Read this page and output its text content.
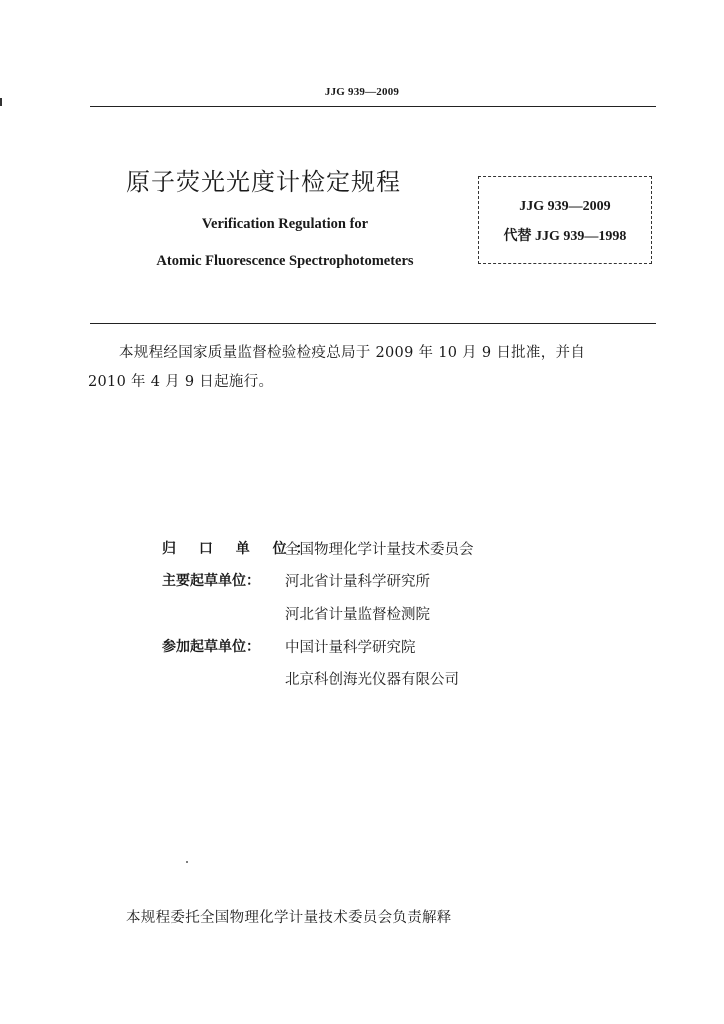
JJG 939—2009
原子荧光光度计检定规程
Verification Regulation for
Atomic Fluorescence Spectrophotometers
JJG 939—2009
代替 JJG 939—1998
本规程经国家质量监督检验检疫总局于 2009 年 10 月 9 日批准，并自
2010 年 4 月 9 日起施行。
归 口 单 位：
全国物理化学计量技术委员会
主要起草单位：	河北省计量科学研究所
河北省计量监督检测院
参加起草单位：	中国计量科学研究院
北京科创海光仪器有限公司
本规程委托全国物理化学计量技术委员会负责解释
